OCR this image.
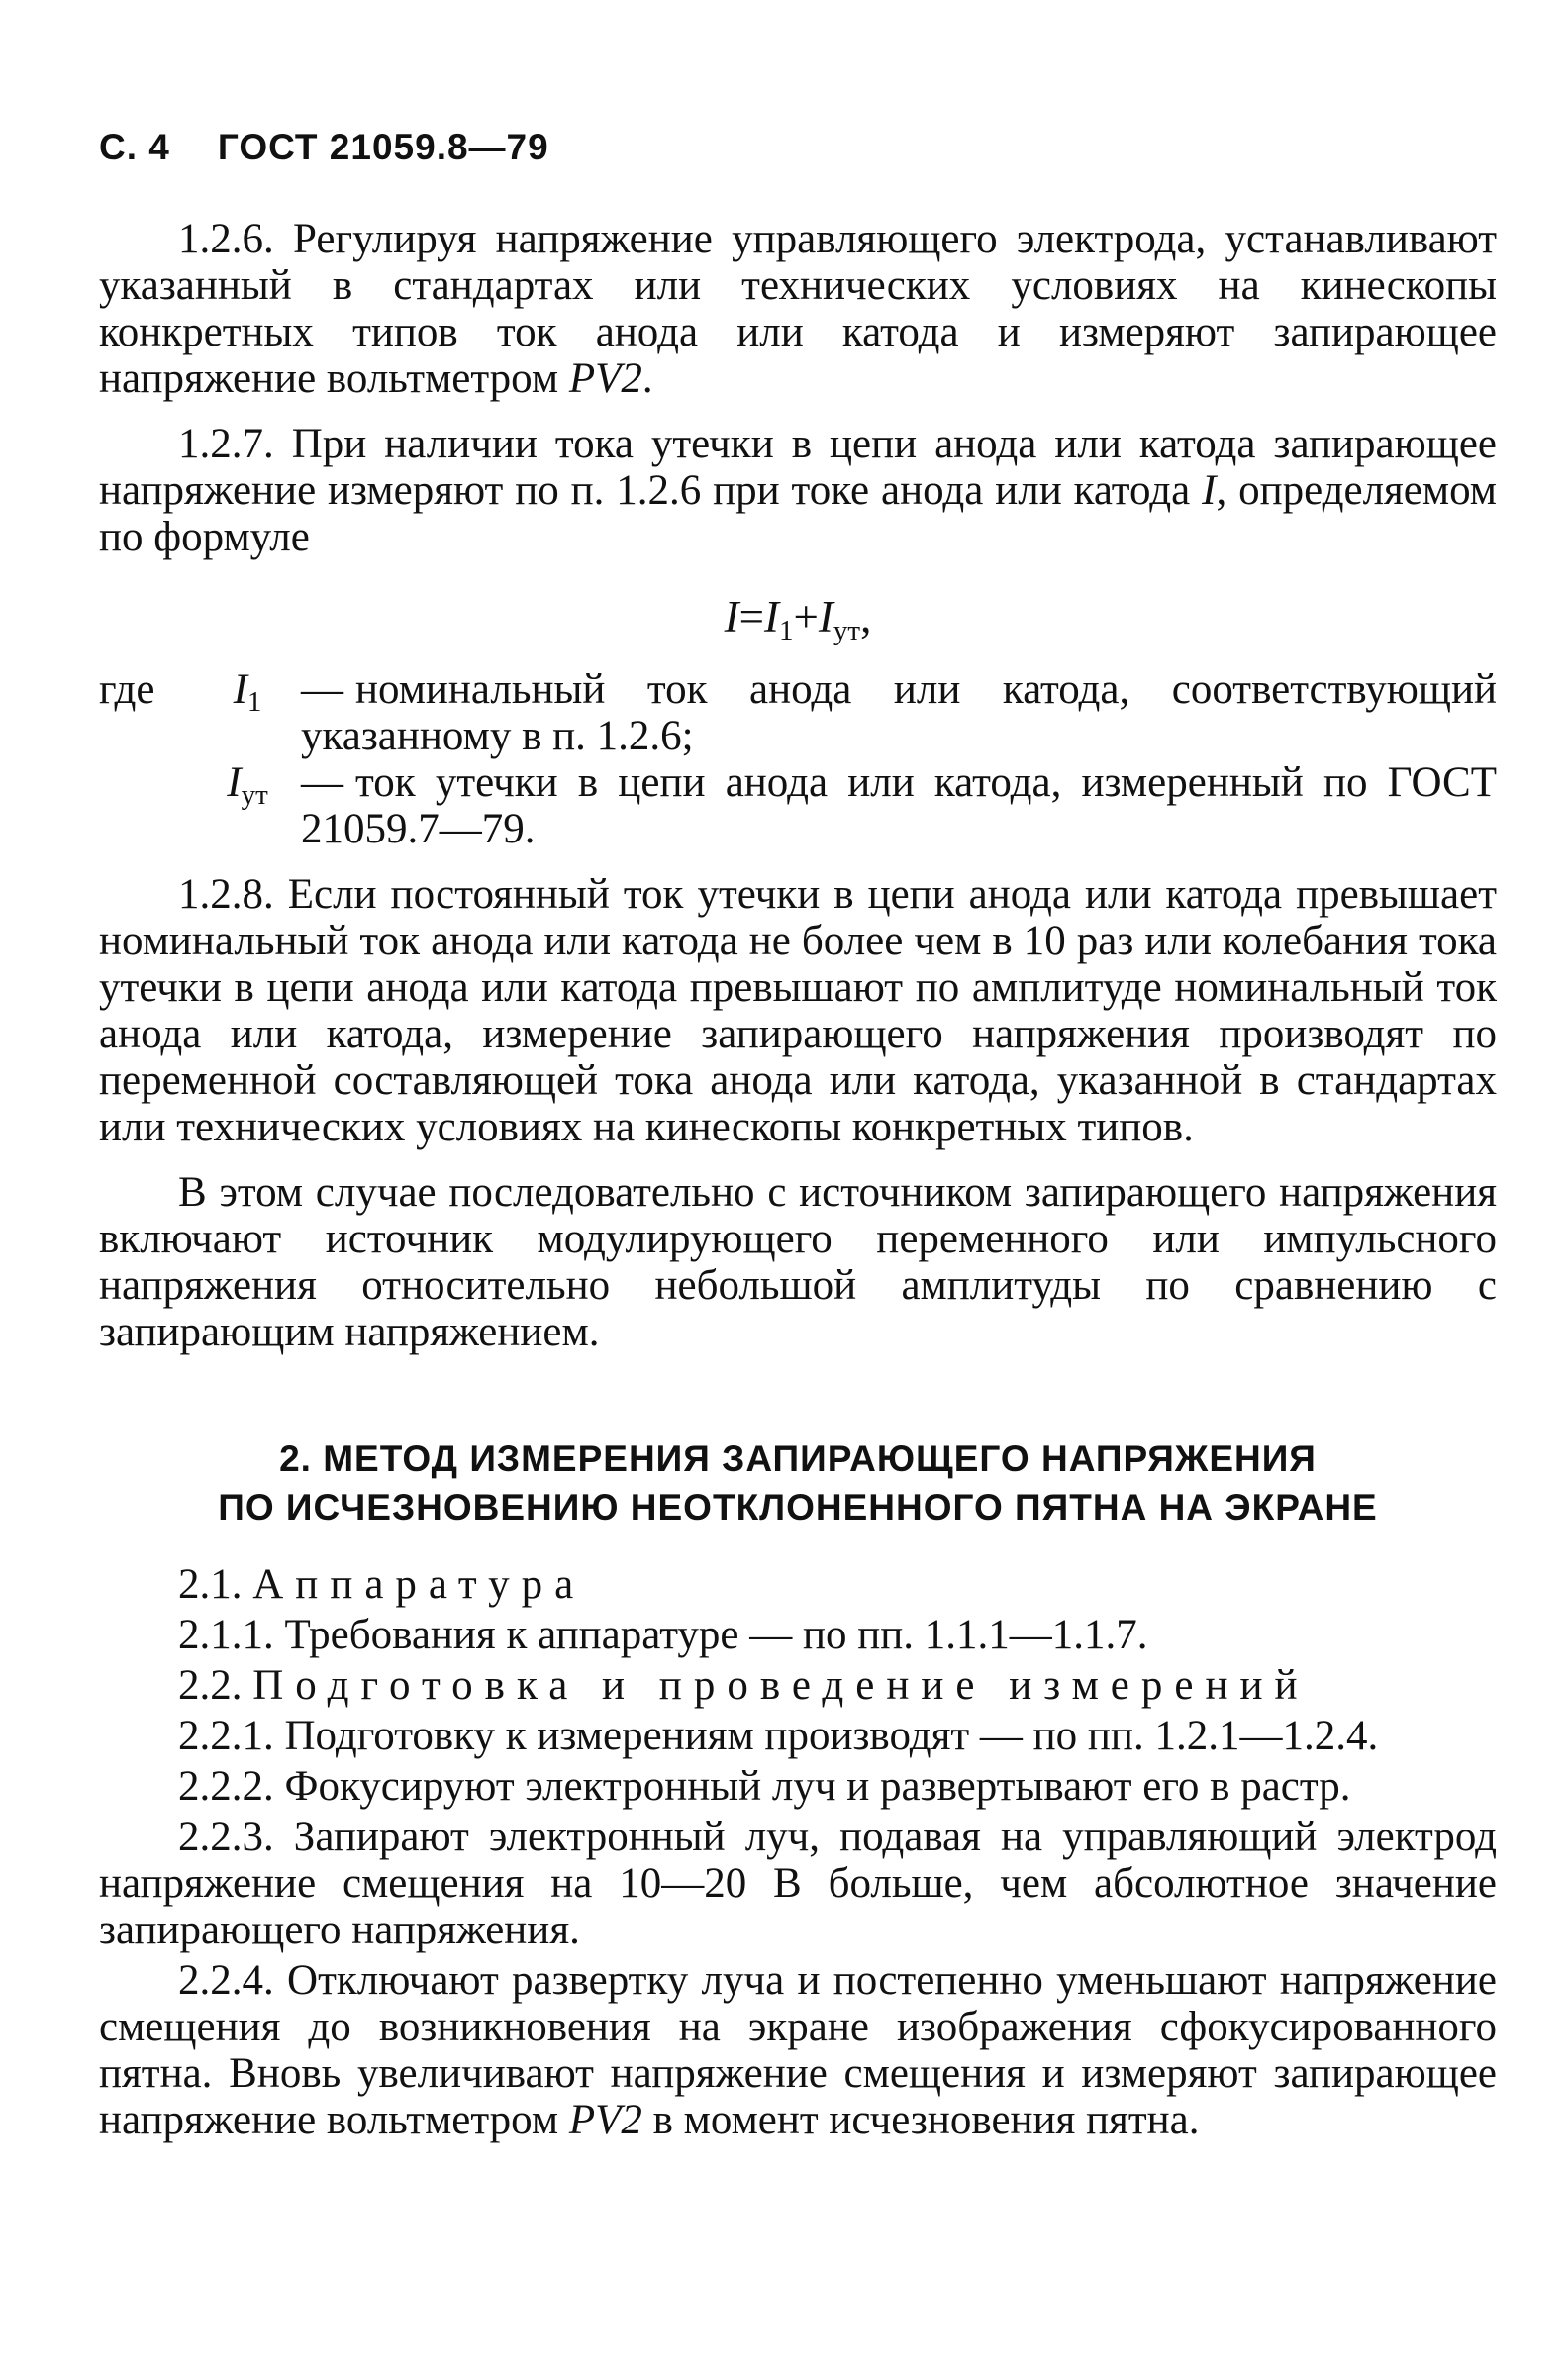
С. 4 ГОСТ 21059.8—79

1.2.6. Регулируя напряжение управляющего электрода, устанавливают указанный в стандартах или технических условиях на кинескопы конкретных типов ток анода или катода и измеряют запирающее напряжение вольтметром PV2.

1.2.7. При наличии тока утечки в цепи анода или катода запирающее напряжение измеряют по п. 1.2.6 при токе анода или катода I, определяемом по формуле

$I=I_1+I_{ут}$,
где	$I_1$ — номинальный ток анода или катода, соответствующий указанному в п. 1.2.6;
$I_{ут}$ — ток утечки в цепи анода или катода, измеренный по ГОСТ 21059.7—79.

1.2.8. Если постоянный ток утечки в цепи анода или катода превышает номинальный ток анода или катода не более чем в 10 раз или колебания тока утечки в цепи анода или катода превышают по амплитуде номинальный ток анода или катода, измерение запирающего напряжения производят по переменной составляющей тока анода или катода, указанной в стандартах или технических условиях на кинескопы конкретных типов.

В этом случае последовательно с источником запирающего напряжения включают источник модулирующего переменного или импульсного напряжения относительно небольшой амплитуды по сравнению с запирающим напряжением.

2. МЕТОД ИЗМЕРЕНИЯ ЗАПИРАЮЩЕГО НАПРЯЖЕНИЯ
ПО ИСЧЕЗНОВЕНИЮ НЕОТКЛОНЕННОГО ПЯТНА НА ЭКРАНЕ

2.1. Аппаратура

2.1.1. Требования к аппаратуре — по пп. 1.1.1—1.1.7.

2.2. Подготовка и проведение измерений

2.2.1. Подготовку к измерениям производят — по пп. 1.2.1—1.2.4.

2.2.2. Фокусируют электронный луч и развертывают его в растр.

2.2.3. Запирают электронный луч, подавая на управляющий электрод напряжение смещения на 10—20 В больше, чем абсолютное значение запирающего напряжения.

2.2.4. Отключают развертку луча и постепенно уменьшают напряжение смещения до возникновения на экране изображения сфокусированного пятна. Вновь увеличивают напряжение смещения и измеряют запирающее напряжение вольтметром PV2 в момент исчезновения пятна.
